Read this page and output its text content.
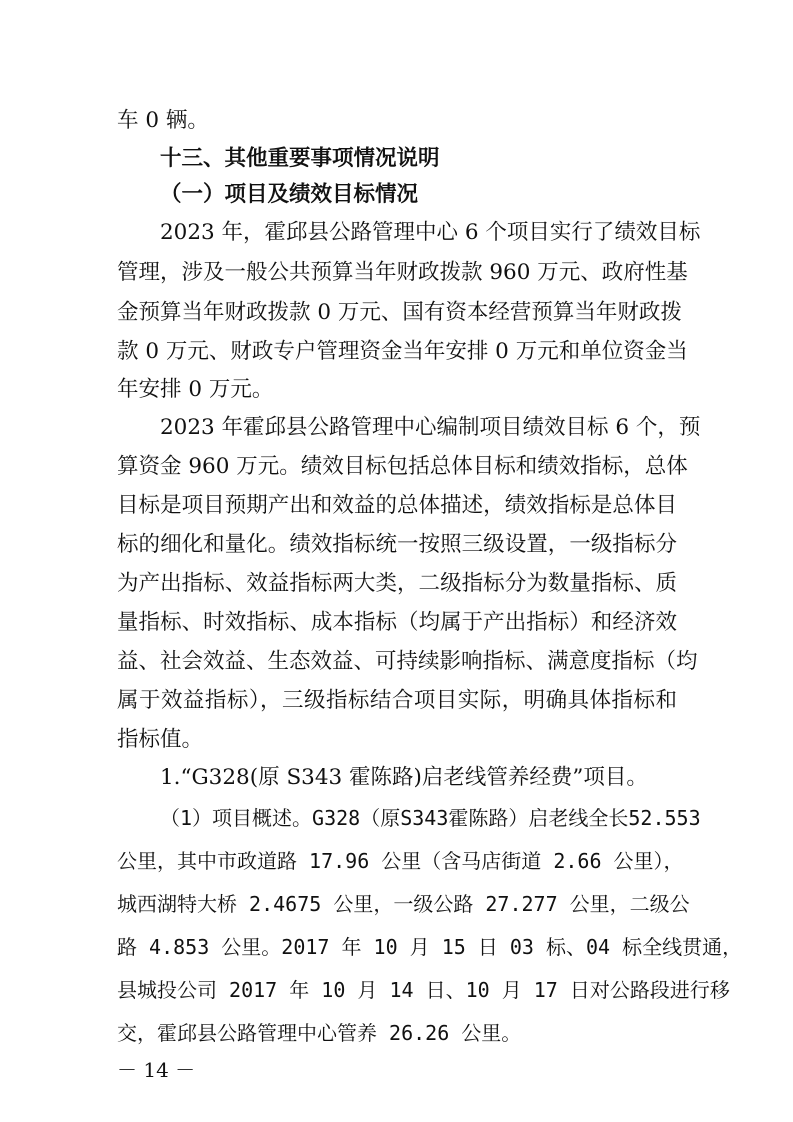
车 0 辆。
十三、其他重要事项情况说明
（一）项目及绩效目标情况
2023 年，霍邱县公路管理中心 6 个项目实行了绩效目标
管理，涉及一般公共预算当年财政拨款 960 万元、政府性基
金预算当年财政拨款 0 万元、国有资本经营预算当年财政拨
款 0 万元、财政专户管理资金当年安排 0 万元和单位资金当
年安排 0 万元。
2023 年霍邱县公路管理中心编制项目绩效目标 6 个，预
算资金 960 万元。绩效目标包括总体目标和绩效指标，总体
目标是项目预期产出和效益的总体描述，绩效指标是总体目
标的细化和量化。绩效指标统一按照三级设置，一级指标分
为产出指标、效益指标两大类，二级指标分为数量指标、质
量指标、时效指标、成本指标（均属于产出指标）和经济效
益、社会效益、生态效益、可持续影响指标、满意度指标（均
属于效益指标），三级指标结合项目实际，明确具体指标和
指标值。
1.“G328(原 S343 霍陈路)启老线管养经费”项目。
（1）项目概述。G328（原S343霍陈路）启老线全长52.553
公里，其中市政道路 17.96 公里（含马店街道 2.66 公里），
城西湖特大桥 2.4675 公里，一级公路 27.277 公里，二级公
路 4.853 公里。2017 年 10 月 15 日 03 标、04 标全线贯通，
县城投公司 2017 年 10 月 14 日、10 月 17 日对公路段进行移
交，霍邱县公路管理中心管养 26.26 公里。
－ 14 －
